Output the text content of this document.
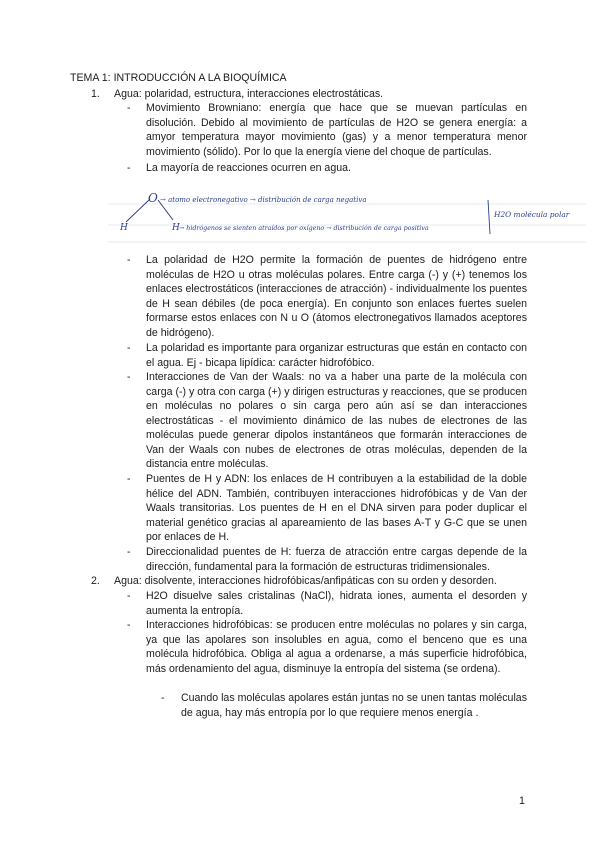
TEMA 1: INTRODUCCIÓN A LA BIOQUÍMICA
1. Agua: polaridad, estructura, interacciones electrostáticas.
- Movimiento Browniano: energía que hace que se muevan partículas en disolución. Debido al movimiento de partículas de H2O se genera energía: a amyor temperatura mayor movimiento (gas) y a menor temperatura menor movimiento (sólido). Por lo que la energía viene del choque de partículas.
- La mayoría de reacciones ocurren en agua.
O → atomo electronegativo → distribución de carga negativa
H	H → hidrógenos se sienten atraídos por oxígeno → distribución de carga positiva
H2O molécula polar
- La polaridad de H2O permite la formación de puentes de hidrógeno entre moléculas de H2O u otras moléculas polares. Entre carga (-) y (+) tenemos los enlaces electrostáticos (interacciones de atracción) - individualmente los puentes de H sean débiles (de poca energía). En conjunto son enlaces fuertes suelen formarse estos enlaces con N u O (átomos electronegativos llamados aceptores de hidrógeno).
- La polaridad es importante para organizar estructuras que están en contacto con el agua. Ej - bicapa lipídica: carácter hidrofóbico.
- Interacciones de Van der Waals: no va a haber una parte de la molécula con carga (-) y otra con carga (+) y dirigen estructuras y reacciones, que se producen en moléculas no polares o sin carga pero aún así se dan interacciones electrostáticas - el movimiento dinámico de las nubes de electrones de las moléculas puede generar dipolos instantáneos que formarán interacciones de Van der Waals con nubes de electrones de otras moléculas, dependen de la distancia entre moléculas.
- Puentes de H y ADN: los enlaces de H contribuyen a la estabilidad de la doble hélice del ADN. También, contribuyen interacciones hidrofóbicas y de Van der Waals transitorias. Los puentes de H en el DNA sirven para poder duplicar el material genético gracias al apareamiento de las bases A-T y G-C que se unen por enlaces de H.
- Direccionalidad puentes de H: fuerza de atracción entre cargas depende de la dirección, fundamental para la formación de estructuras tridimensionales.
2. Agua: disolvente, interacciones hidrofóbicas/anfipáticas con su orden y desorden.
- H2O disuelve sales cristalinas (NaCl), hidrata iones, aumenta el desorden y aumenta la entropía.
- Interacciones hidrofóbicas: se producen entre moléculas no polares y sin carga, ya que las apolares son insolubles en agua, como el benceno que es una molécula hidrofóbica. Obliga al agua a ordenarse, a más superficie hidrofóbica, más ordenamiento del agua, disminuye la entropía del sistema (se ordena).
- Cuando las moléculas apolares están juntas no se unen tantas moléculas de agua, hay más entropía por lo que requiere menos energía .
1
